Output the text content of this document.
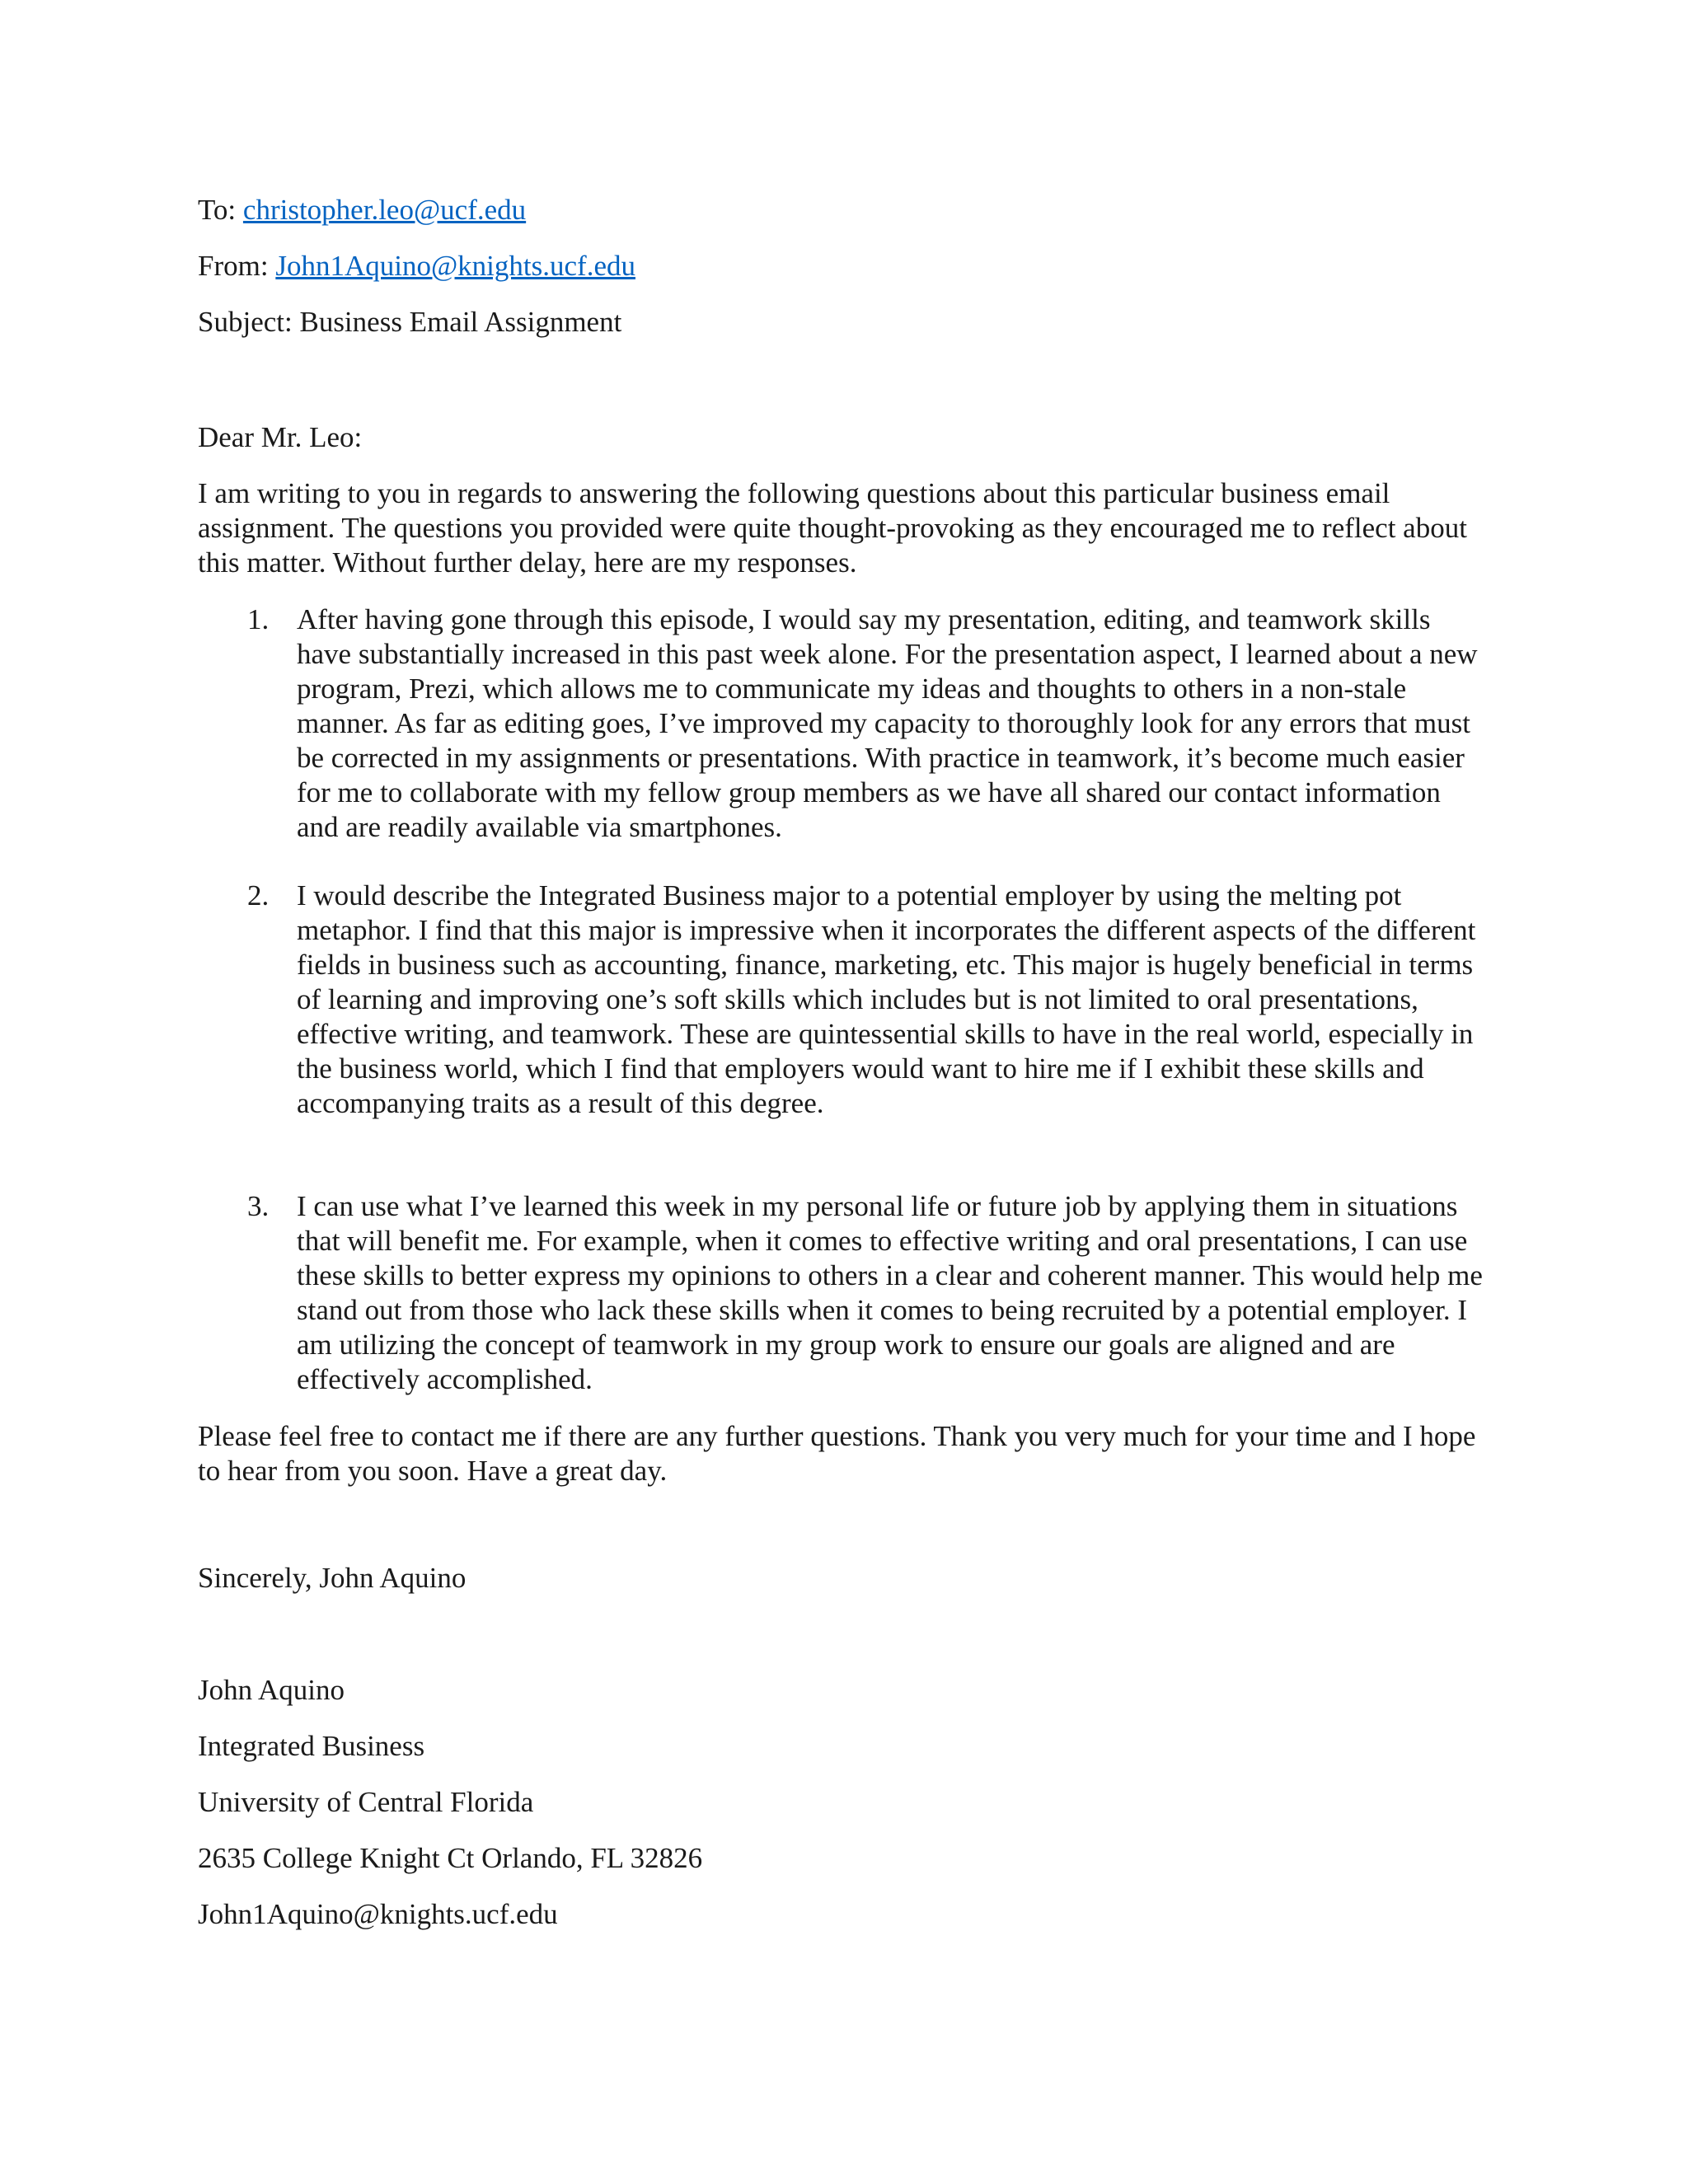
To: christopher.leo@ucf.edu

From: John1Aquino@knights.ucf.edu

Subject: Business Email Assignment

Dear Mr. Leo:

I am writing to you in regards to answering the following questions about this particular business email assignment. The questions you provided were quite thought-provoking as they encouraged me to reflect about this matter. Without further delay, here are my responses.

1. After having gone through this episode, I would say my presentation, editing, and teamwork skills have substantially increased in this past week alone. For the presentation aspect, I learned about a new program, Prezi, which allows me to communicate my ideas and thoughts to others in a non-stale manner. As far as editing goes, I’ve improved my capacity to thoroughly look for any errors that must be corrected in my assignments or presentations. With practice in teamwork, it’s become much easier for me to collaborate with my fellow group members as we have all shared our contact information and are readily available via smartphones.
2. I would describe the Integrated Business major to a potential employer by using the melting pot metaphor. I find that this major is impressive when it incorporates the different aspects of the different fields in business such as accounting, finance, marketing, etc. This major is hugely beneficial in terms of learning and improving one’s soft skills which includes but is not limited to oral presentations, effective writing, and teamwork. These are quintessential skills to have in the real world, especially in the business world, which I find that employers would want to hire me if I exhibit these skills and accompanying traits as a result of this degree.
3. I can use what I’ve learned this week in my personal life or future job by applying them in situations that will benefit me. For example, when it comes to effective writing and oral presentations, I can use these skills to better express my opinions to others in a clear and coherent manner. This would help me stand out from those who lack these skills when it comes to being recruited by a potential employer. I am utilizing the concept of teamwork in my group work to ensure our goals are aligned and are effectively accomplished.

Please feel free to contact me if there are any further questions. Thank you very much for your time and I hope to hear from you soon. Have a great day.

Sincerely, John Aquino

John Aquino

Integrated Business

University of Central Florida

2635 College Knight Ct Orlando, FL 32826

John1Aquino@knights.ucf.edu
